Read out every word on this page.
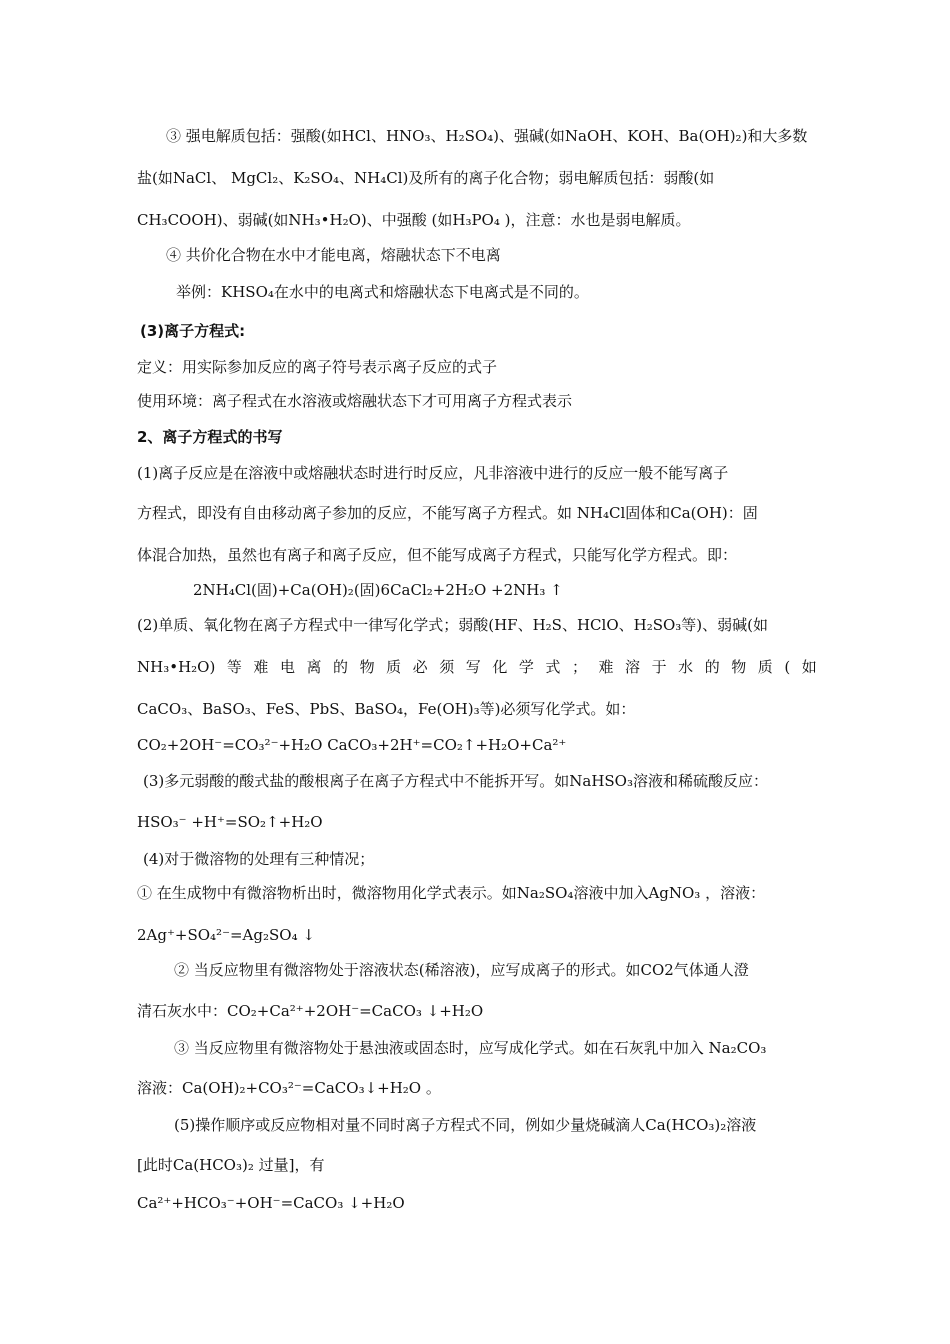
③ 强电解质包括：强酸(如HCl、HNO₃、H₂SO₄)、强碱(如NaOH、KOH、Ba(OH)₂)和大多数
盐(如NaCl、 MgCl₂、K₂SO₄、NH₄Cl)及所有的离子化合物；弱电解质包括：弱酸(如
CH₃COOH)、弱碱(如NH₃•H₂O)、中强酸 (如H₃PO₄ )，注意：水也是弱电解质。
④ 共价化合物在水中才能电离，熔融状态下不电离
举例：KHSO₄在水中的电离式和熔融状态下电离式是不同的。
(3)离子方程式:
定义：用实际参加反应的离子符号表示离子反应的式子
使用环境：离子程式在水溶液或熔融状态下才可用离子方程式表示
2、离子方程式的书写
(1)离子反应是在溶液中或熔融状态时进行时反应，凡非溶液中进行的反应一般不能写离子
方程式，即没有自由移动离子参加的反应，不能写离子方程式。如 NH₄Cl固体和Ca(OH)：固
体混合加热，虽然也有离子和离子反应，但不能写成离子方程式，只能写化学方程式。即：
2NH₄Cl(固)+Ca(OH)₂(固)6CaCl₂+2H₂O +2NH₃ ↑
(2)单质、氧化物在离子方程式中一律写化学式；弱酸(HF、H₂S、HClO、H₂SO₃等)、弱碱(如
NH₃•H₂O) 等 难 电 离 的 物 质 必 须 写 化 学 式 ； 难 溶 于 水 的 物 质 ( 如
CaCO₃、BaSO₃、FeS、PbS、BaSO₄，Fe(OH)₃等)必须写化学式。如：
CO₂+2OH⁻=CO₃²⁻+H₂O CaCO₃+2H⁺=CO₂↑+H₂O+Ca²⁺
(3)多元弱酸的酸式盐的酸根离子在离子方程式中不能拆开写。如NaHSO₃溶液和稀硫酸反应：
HSO₃⁻ +H⁺=SO₂↑+H₂O
(4)对于微溶物的处理有三种情况；
① 在生成物中有微溶物析出时，微溶物用化学式表示。如Na₂SO₄溶液中加入AgNO₃ ，溶液：
2Ag⁺+SO₄²⁻=Ag₂SO₄ ↓
② 当反应物里有微溶物处于溶液状态(稀溶液)，应写成离子的形式。如CO2气体通人澄
清石灰水中：CO₂+Ca²⁺+2OH⁻=CaCO₃ ↓+H₂O
③ 当反应物里有微溶物处于悬浊液或固态时，应写成化学式。如在石灰乳中加入 Na₂CO₃
溶液：Ca(OH)₂+CO₃²⁻=CaCO₃↓+H₂O 。
(5)操作顺序或反应物相对量不同时离子方程式不同，例如少量烧碱滴人Ca(HCO₃)₂溶液
[此时Ca(HCO₃)₂ 过量]，有
Ca²⁺+HCO₃⁻+OH⁻=CaCO₃ ↓+H₂O
